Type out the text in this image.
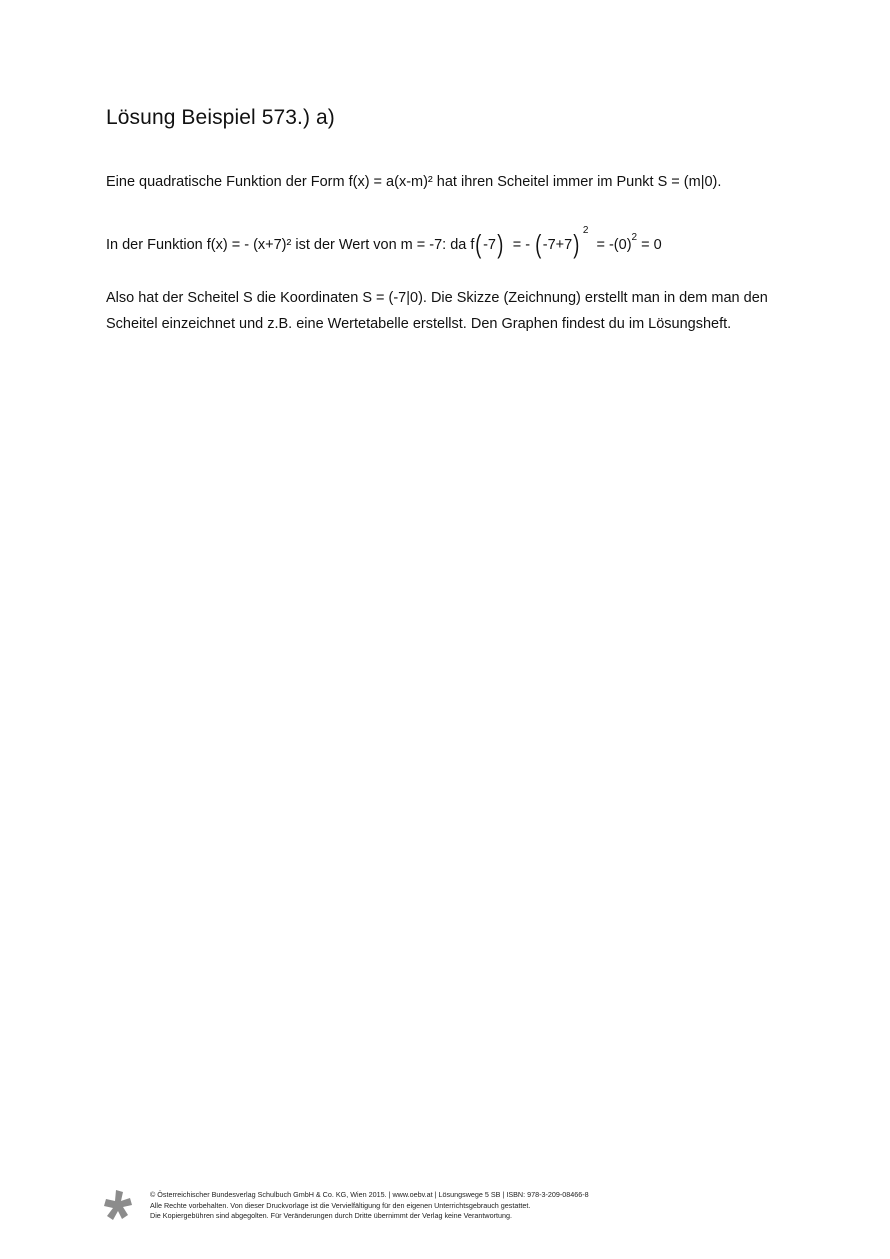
Lösung Beispiel 573.) a)
Eine quadratische Funktion der Form f(x) = a(x-m)² hat ihren Scheitel immer im Punkt S = (m|0).
In der Funktion f(x) = - (x+7)² ist der Wert von m = -7: da f(-7) = - (-7+7) $^2 = -(0)^2 = 0$
Also hat der Scheitel S die Koordinaten S = (-7|0). Die Skizze (Zeichnung) erstellt man in dem man den Scheitel einzeichnet und z.B. eine Wertetabelle erstellst. Den Graphen findest du im Lösungsheft.
© Österreichischer Bundesverlag Schulbuch GmbH & Co. KG, Wien 2015. | www.oebv.at | Lösungswege 5 SB | ISBN: 978-3-209-08466-8
Alle Rechte vorbehalten. Von dieser Druckvorlage ist die Vervielfältigung für den eigenen Unterrichtsgebrauch gestattet.
Die Kopiergebühren sind abgegolten. Für Veränderungen durch Dritte übernimmt der Verlag keine Verantwortung.
